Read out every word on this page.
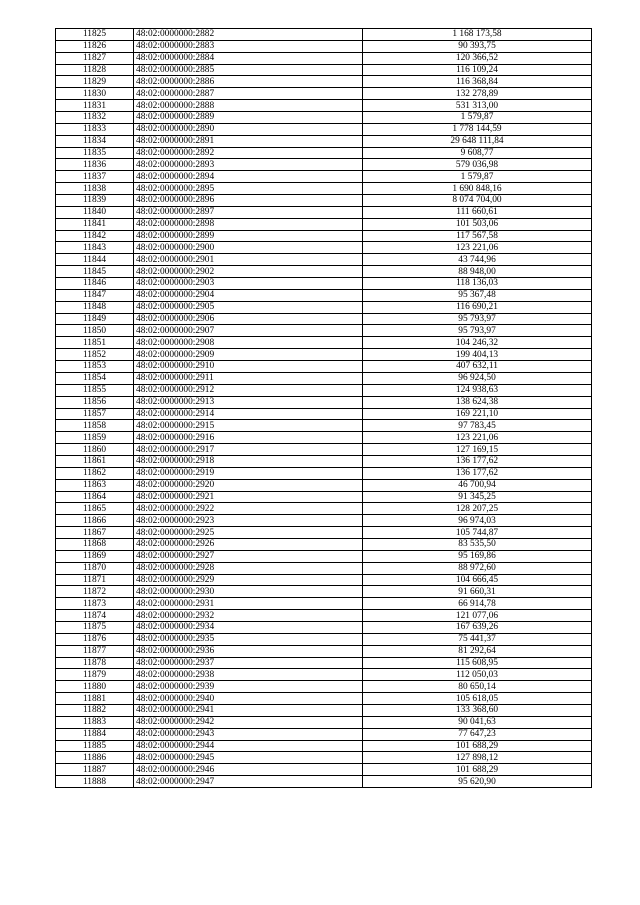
11825	48:02:0000000:2882	1 168 173,58
11826	48:02:0000000:2883	90 393,75
11827	48:02:0000000:2884	120 366,52
11828	48:02:0000000:2885	116 109,24
11829	48:02:0000000:2886	116 368,84
11830	48:02:0000000:2887	132 278,89
11831	48:02:0000000:2888	531 313,00
11832	48:02:0000000:2889	1 579,87
11833	48:02:0000000:2890	1 778 144,59
11834	48:02:0000000:2891	29 648 111,84
11835	48:02:0000000:2892	9 608,77
11836	48:02:0000000:2893	579 036,98
11837	48:02:0000000:2894	1 579,87
11838	48:02:0000000:2895	1 690 848,16
11839	48:02:0000000:2896	8 074 704,00
11840	48:02:0000000:2897	111 660,61
11841	48:02:0000000:2898	101 503,06
11842	48:02:0000000:2899	117 567,58
11843	48:02:0000000:2900	123 221,06
11844	48:02:0000000:2901	43 744,96
11845	48:02:0000000:2902	88 948,00
11846	48:02:0000000:2903	118 136,03
11847	48:02:0000000:2904	95 367,48
11848	48:02:0000000:2905	116 690,21
11849	48:02:0000000:2906	95 793,97
11850	48:02:0000000:2907	95 793,97
11851	48:02:0000000:2908	104 246,32
11852	48:02:0000000:2909	199 404,13
11853	48:02:0000000:2910	407 632,11
11854	48:02:0000000:2911	96 924,50
11855	48:02:0000000:2912	124 938,63
11856	48:02:0000000:2913	138 624,38
11857	48:02:0000000:2914	169 221,10
11858	48:02:0000000:2915	97 783,45
11859	48:02:0000000:2916	123 221,06
11860	48:02:0000000:2917	127 169,15
11861	48:02:0000000:2918	136 177,62
11862	48:02:0000000:2919	136 177,62
11863	48:02:0000000:2920	46 700,94
11864	48:02:0000000:2921	91 345,25
11865	48:02:0000000:2922	128 207,25
11866	48:02:0000000:2923	96 974,03
11867	48:02:0000000:2925	105 744,87
11868	48:02:0000000:2926	83 535,50
11869	48:02:0000000:2927	95 169,86
11870	48:02:0000000:2928	88 972,60
11871	48:02:0000000:2929	104 666,45
11872	48:02:0000000:2930	91 660,31
11873	48:02:0000000:2931	66 914,78
11874	48:02:0000000:2932	121 077,06
11875	48:02:0000000:2934	167 639,26
11876	48:02:0000000:2935	75 441,37
11877	48:02:0000000:2936	81 292,64
11878	48:02:0000000:2937	115 608,95
11879	48:02:0000000:2938	112 050,03
11880	48:02:0000000:2939	80 650,14
11881	48:02:0000000:2940	105 618,05
11882	48:02:0000000:2941	133 368,60
11883	48:02:0000000:2942	90 041,63
11884	48:02:0000000:2943	77 647,23
11885	48:02:0000000:2944	101 688,29
11886	48:02:0000000:2945	127 898,12
11887	48:02:0000000:2946	101 688,29
11888	48:02:0000000:2947	95 620,90
